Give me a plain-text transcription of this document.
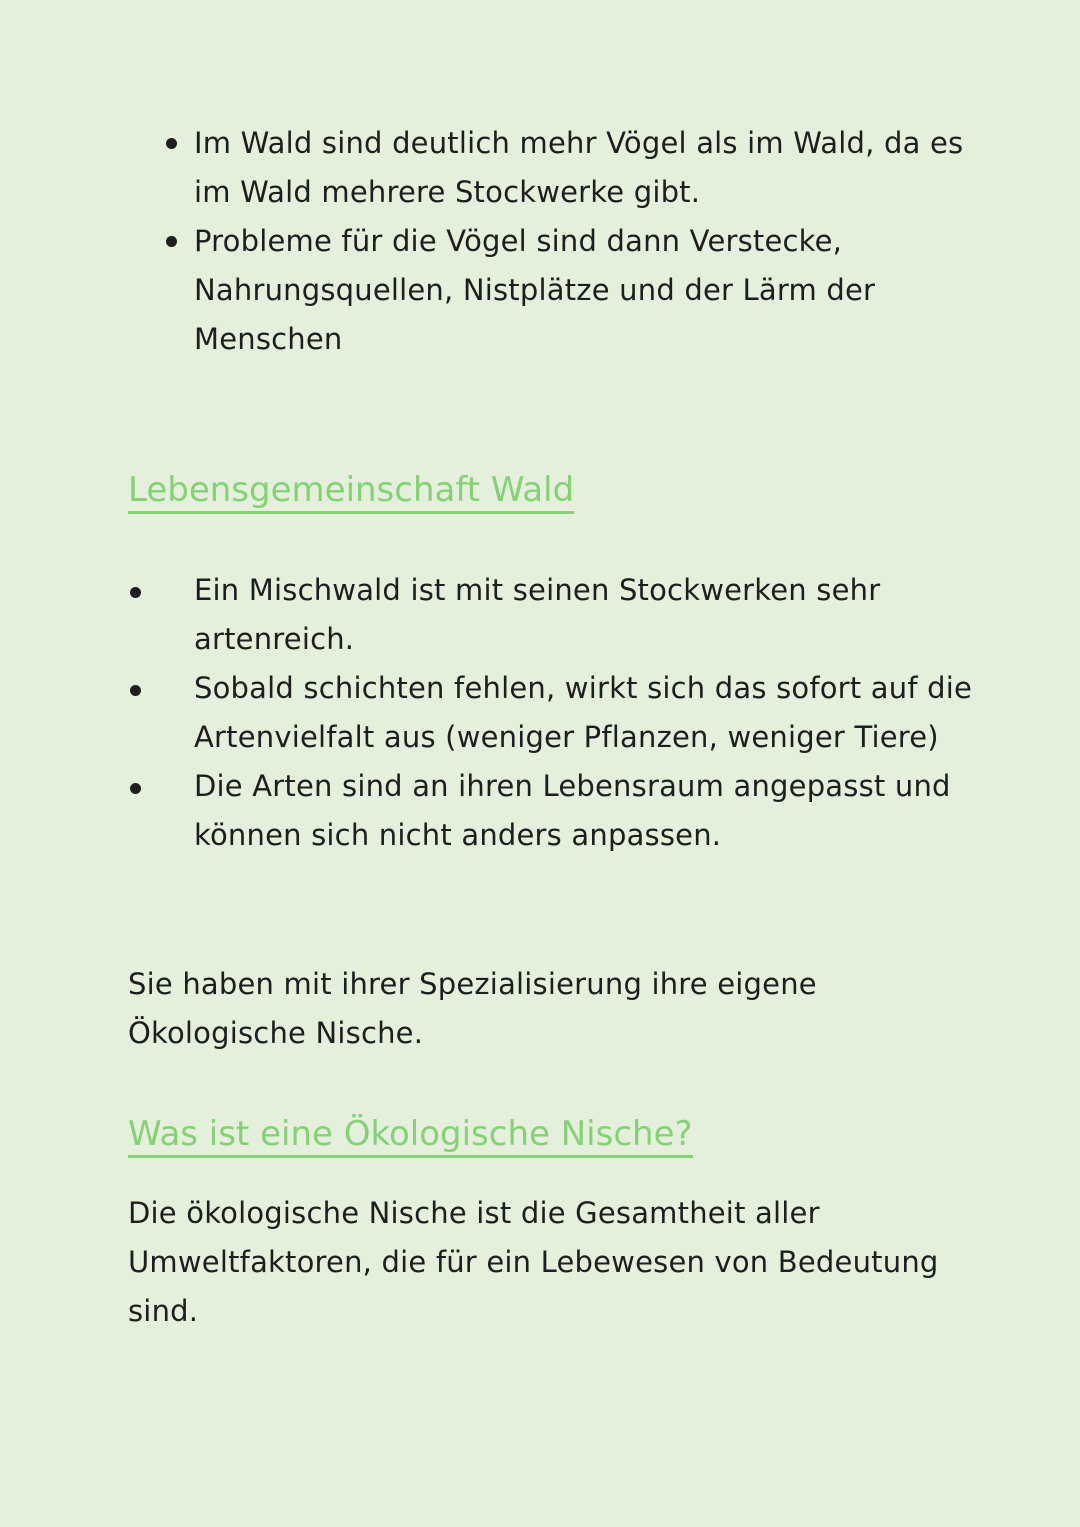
Im Wald sind deutlich mehr Vögel als im Wald, da es im Wald mehrere Stockwerke gibt.
Probleme für die Vögel sind dann Verstecke, Nahrungsquellen, Nistplätze und der Lärm der Menschen
Lebensgemeinschaft Wald
Ein Mischwald ist mit seinen Stockwerken sehr artenreich.
Sobald schichten fehlen, wirkt sich das sofort auf die Artenvielfalt aus (weniger Pflanzen, weniger Tiere)
Die Arten sind an ihren Lebensraum angepasst und können sich nicht anders anpassen.

Sie haben mit ihrer Spezialisierung ihre eigene Ökologische Nische.

Was ist eine Ökologische Nische?

Die ökologische Nische ist die Gesamtheit aller Umweltfaktoren, die für ein Lebewesen von Bedeutung sind.
